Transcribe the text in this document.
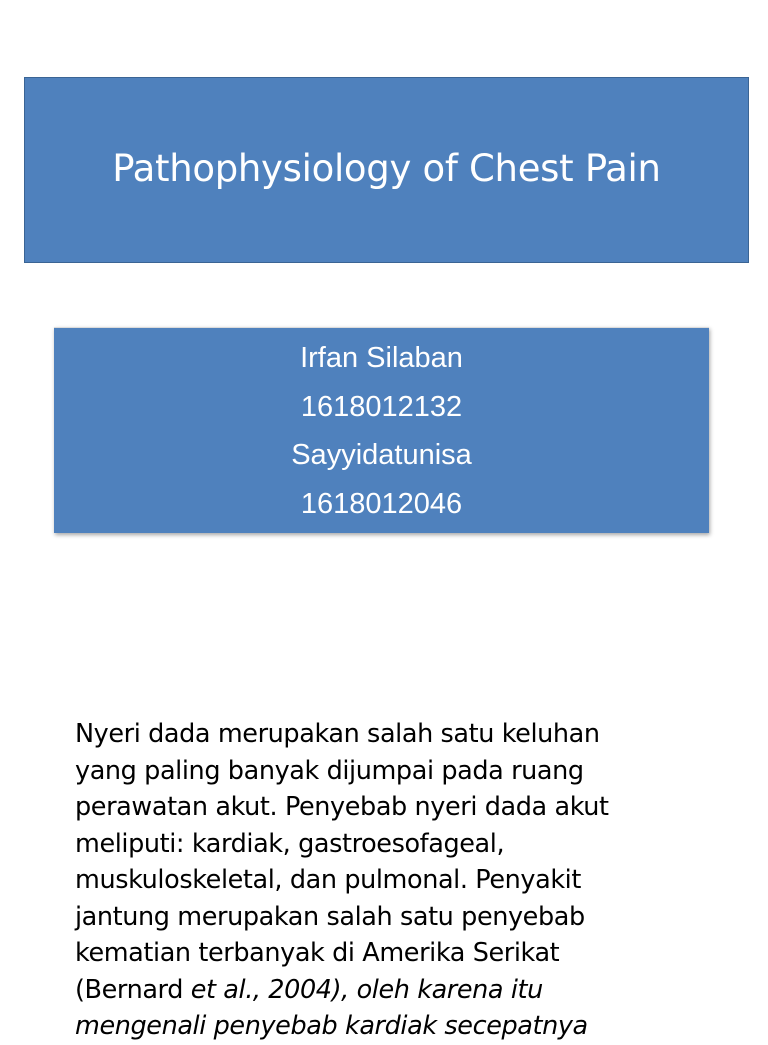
Pathophysiology of Chest Pain
Irfan Silaban
1618012132
Sayyidatunisa
1618012046
Nyeri dada merupakan salah satu keluhan
yang paling banyak dijumpai pada ruang
perawatan akut. Penyebab nyeri dada akut
meliputi: kardiak, gastroesofageal,
muskuloskeletal, dan pulmonal. Penyakit
jantung merupakan salah satu penyebab
kematian terbanyak di Amerika Serikat
(Bernard et al., 2004), oleh karena itu
mengenali penyebab kardiak secepatnya
